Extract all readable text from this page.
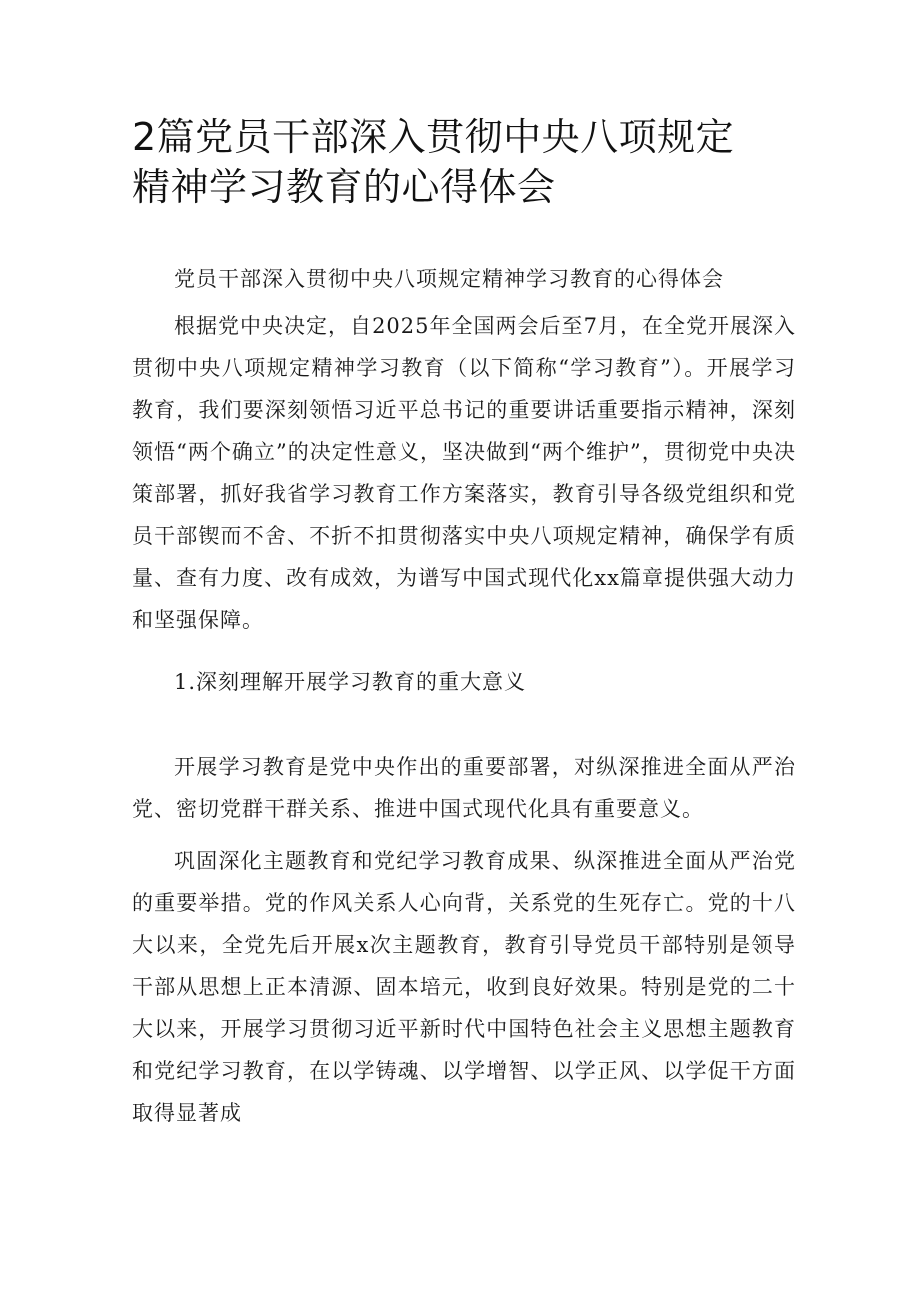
2篇党员干部深入贯彻中央八项规定精神学习教育的心得体会

党员干部深入贯彻中央八项规定精神学习教育的心得体会

根据党中央决定，自2025年全国两会后至7月，在全党开展深入贯彻中央八项规定精神学习教育（以下简称“学习教育”）。开展学习教育，我们要深刻领悟习近平总书记的重要讲话重要指示精神，深刻领悟“两个确立”的决定性意义，坚决做到“两个维护”，贯彻党中央决策部署，抓好我省学习教育工作方案落实，教育引导各级党组织和党员干部锲而不舍、不折不扣贯彻落实中央八项规定精神，确保学有质量、查有力度、改有成效，为谱写中国式现代化xx篇章提供强大动力和坚强保障。

1.深刻理解开展学习教育的重大意义

开展学习教育是党中央作出的重要部署，对纵深推进全面从严治党、密切党群干群关系、推进中国式现代化具有重要意义。

巩固深化主题教育和党纪学习教育成果、纵深推进全面从严治党的重要举措。党的作风关系人心向背，关系党的生死存亡。党的十八大以来，全党先后开展x次主题教育，教育引导党员干部特别是领导干部从思想上正本清源、固本培元，收到良好效果。特别是党的二十大以来，开展学习贯彻习近平新时代中国特色社会主义思想主题教育和党纪学习教育，在以学铸魂、以学增智、以学正风、以学促干方面取得显著成
